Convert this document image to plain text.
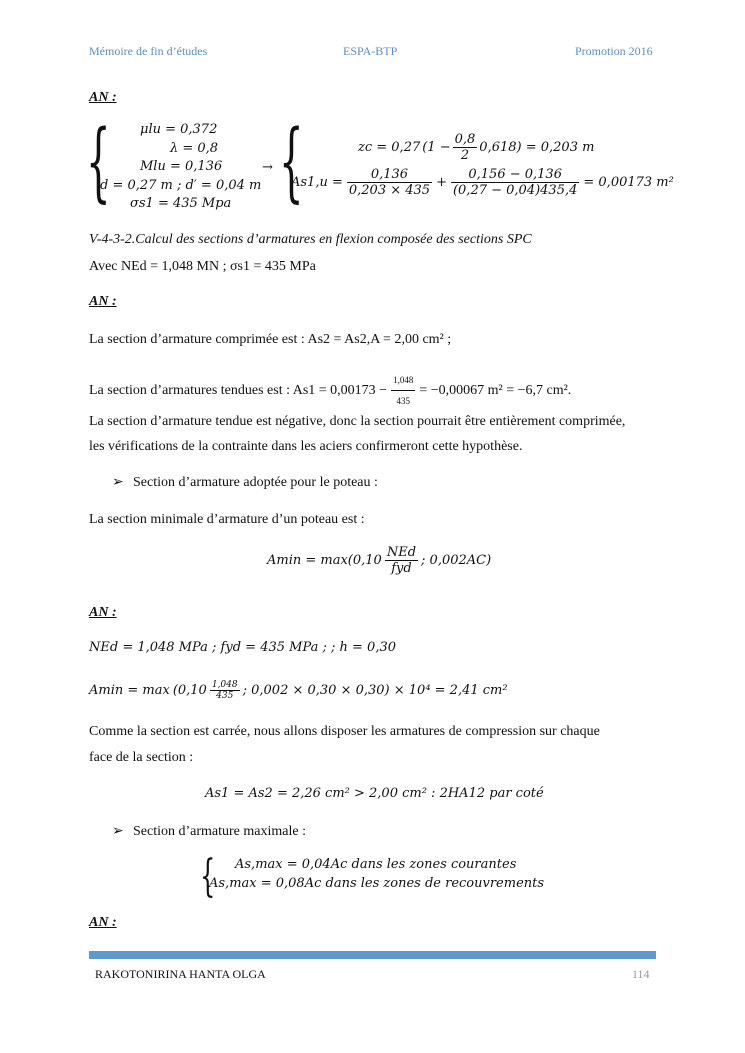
Mémoire de fin d’études	ESPA-BTP	Promotion 2016
AN :
{ μlu = 0,372
λ = 0,8
Mlu = 0,136
d = 0,27 m ; d′ = 0,04 m
σs1 = 435 Mpa
→ {	zc = 0,27 $(1 - \frac{0,8}{2} 0,618) = 0,203$ m
$As1,u = \frac{0,136}{0,203 \times 435} + \frac{0,156 - 0,136}{(0,27 - 0,04)435,4} = 0,00173$ m²
V-4-3-2.Calcul des sections d’armatures en flexion composée des sections SPC
Avec NEd = 1,048 MN ; σs1 = 435 MPa
AN :
La section d’armature comprimée est : As2 = As2,A = 2,00 cm² ;
La section d’armatures tendues est : $As1 = 0,00173 - \frac{1,048}{435} = -0,00067$ m² = −6,7 cm².
La section d’armature tendue est négative, donc la section pourrait être entièrement comprimée,
les vérifications de la contrainte dans les aciers confirmeront cette hypothèse.
➢ Section d’armature adoptée pour le poteau :
La section minimale d’armature d’un poteau est :
$Amin = \max(0,10 \frac{\text{NEd}}{\text{fyd}}$ ; 0,002AC)
AN :
NEd = 1,048 MPa ; fyd = 435 MPa ; ; h = 0,30
$Amin = \max (0,10 \frac{1,048}{435}$ ; 0,002 × 0,30 × 0,30) × 10⁴ = 2,41 cm²
Comme la section est carrée, nous allons disposer les armatures de compression sur chaque
face de la section :
As1 = As2 = 2,26 cm² > 2,00 cm² : 2HA12 par coté
➢ Section d’armature maximale :
{ As,max = 0,04Ac dans les zones courantes
As,max = 0,08Ac dans les zones de recouvrements
AN :
RAKOTONIRINA HANTA OLGA	114
